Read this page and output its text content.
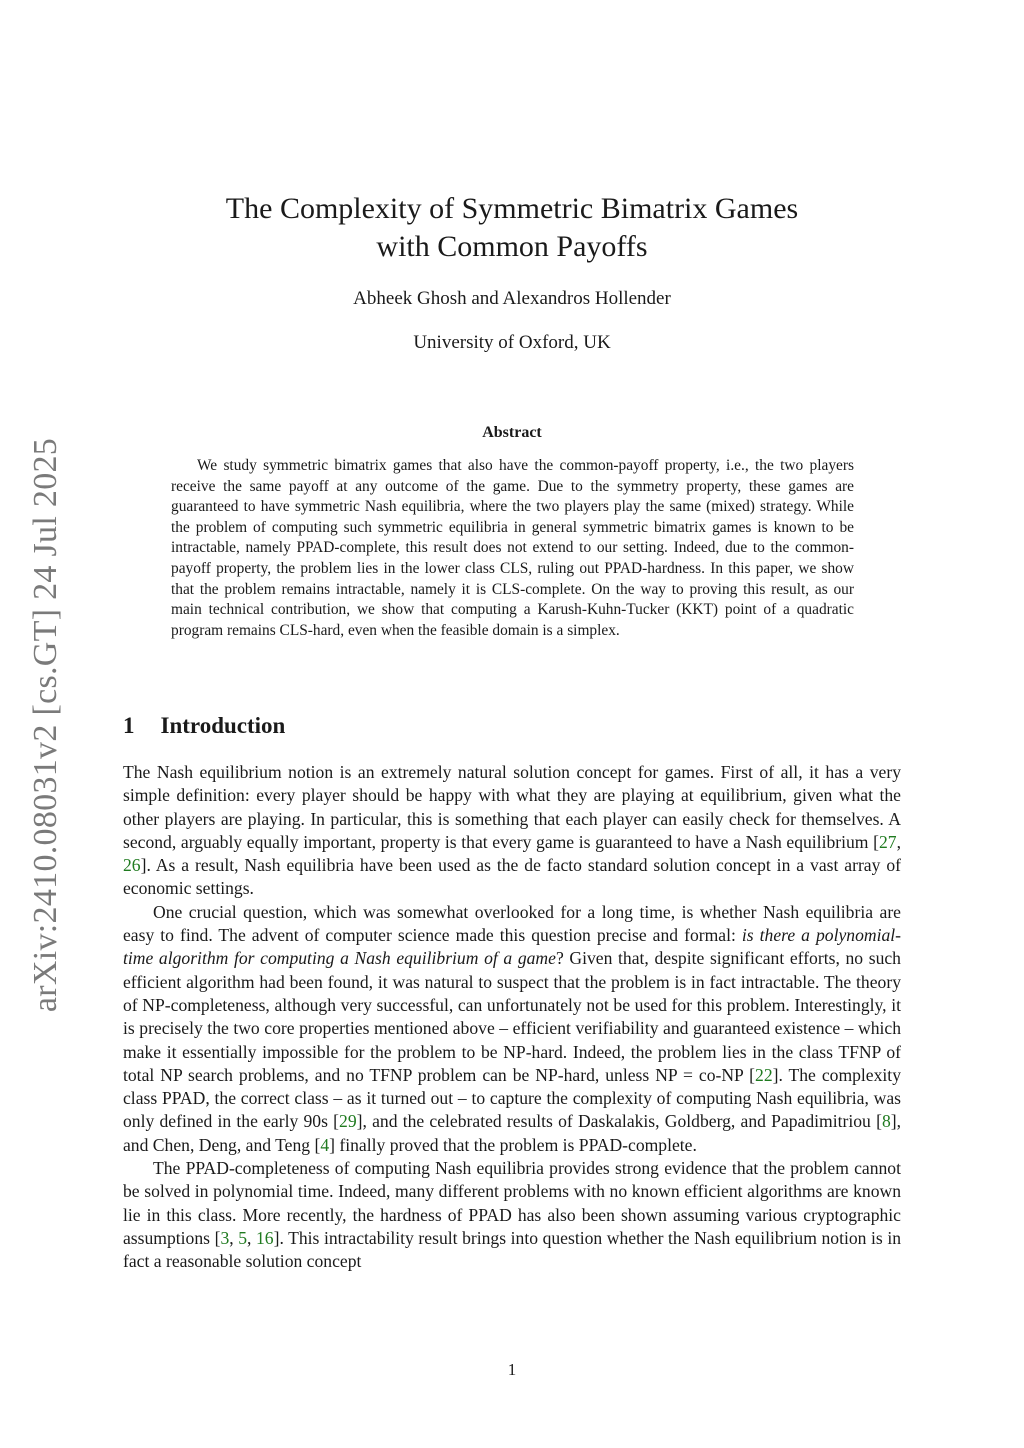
arXiv:2410.08031v2 [cs.GT] 24 Jul 2025
The Complexity of Symmetric Bimatrix Games
with Common Payoffs
Abheek Ghosh and Alexandros Hollender
University of Oxford, UK
Abstract

We study symmetric bimatrix games that also have the common-payoff property, i.e., the two players receive the same payoff at any outcome of the game. Due to the symmetry property, these games are guaranteed to have symmetric Nash equilibria, where the two players play the same (mixed) strategy. While the problem of computing such symmetric equilibria in general symmetric bimatrix games is known to be intractable, namely PPAD-complete, this result does not extend to our setting. Indeed, due to the common-payoff property, the problem lies in the lower class CLS, ruling out PPAD-hardness. In this paper, we show that the problem remains intractable, namely it is CLS-complete. On the way to proving this result, as our main technical contribution, we show that computing a Karush-Kuhn-Tucker (KKT) point of a quadratic program remains CLS-hard, even when the feasible domain is a simplex.

1 Introduction

The Nash equilibrium notion is an extremely natural solution concept for games. First of all, it has a very simple definition: every player should be happy with what they are playing at equilibrium, given what the other players are playing. In particular, this is something that each player can easily check for themselves. A second, arguably equally important, property is that every game is guaranteed to have a Nash equilibrium [27, 26]. As a result, Nash equilibria have been used as the de facto standard solution concept in a vast array of economic settings.

One crucial question, which was somewhat overlooked for a long time, is whether Nash equilibria are easy to find. The advent of computer science made this question precise and formal: is there a polynomial-time algorithm for computing a Nash equilibrium of a game? Given that, despite significant efforts, no such efficient algorithm had been found, it was natural to suspect that the problem is in fact intractable. The theory of NP-completeness, although very successful, can unfortunately not be used for this problem. Interestingly, it is precisely the two core properties mentioned above – efficient verifiability and guaranteed existence – which make it essentially impossible for the problem to be NP-hard. Indeed, the problem lies in the class TFNP of total NP search problems, and no TFNP problem can be NP-hard, unless NP = co-NP [22]. The complexity class PPAD, the correct class – as it turned out – to capture the complexity of computing Nash equilibria, was only defined in the early 90s [29], and the celebrated results of Daskalakis, Goldberg, and Papadimitriou [8], and Chen, Deng, and Teng [4] finally proved that the problem is PPAD-complete.

The PPAD-completeness of computing Nash equilibria provides strong evidence that the problem cannot be solved in polynomial time. Indeed, many different problems with no known efficient algorithms are known lie in this class. More recently, the hardness of PPAD has also been shown assuming various cryptographic assumptions [3, 5, 16]. This intractability result brings into question whether the Nash equilibrium notion is in fact a reasonable solution concept

1
